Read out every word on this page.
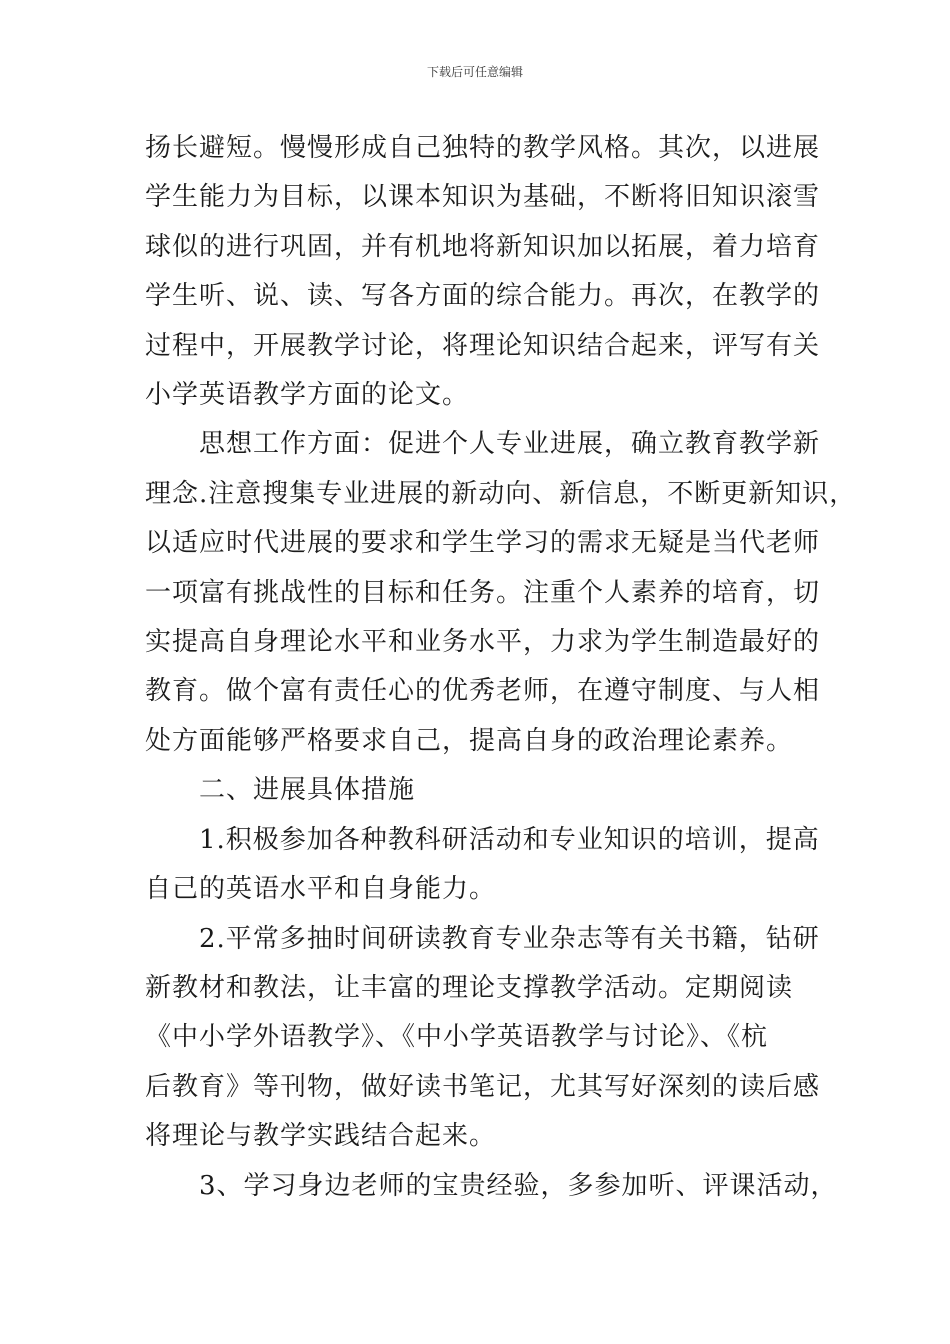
下载后可任意编辑

扬长避短。慢慢形成自己独特的教学风格。其次，以进展
学生能力为目标，以课本知识为基础，不断将旧知识滚雪
球似的进行巩固，并有机地将新知识加以拓展，着力培育
学生听、说、读、写各方面的综合能力。再次，在教学的
过程中，开展教学讨论，将理论知识结合起来，评写有关
小学英语教学方面的论文。

思想工作方面：促进个人专业进展，确立教育教学新
理念.注意搜集专业进展的新动向、新信息，不断更新知识，
以适应时代进展的要求和学生学习的需求无疑是当代老师
一项富有挑战性的目标和任务。注重个人素养的培育，切
实提高自身理论水平和业务水平，力求为学生制造最好的
教育。做个富有责任心的优秀老师，在遵守制度、与人相
处方面能够严格要求自己，提高自身的政治理论素养。

二、进展具体措施

1.积极参加各种教科研活动和专业知识的培训，提高
自己的英语水平和自身能力。

2.平常多抽时间研读教育专业杂志等有关书籍，钻研
新教材和教法，让丰富的理论支撑教学活动。定期阅读
《中小学外语教学》、《中小学英语教学与讨论》、《杭
后教育》等刊物，做好读书笔记，尤其写好深刻的读后感
将理论与教学实践结合起来。

3、学习身边老师的宝贵经验，多参加听、评课活动，
